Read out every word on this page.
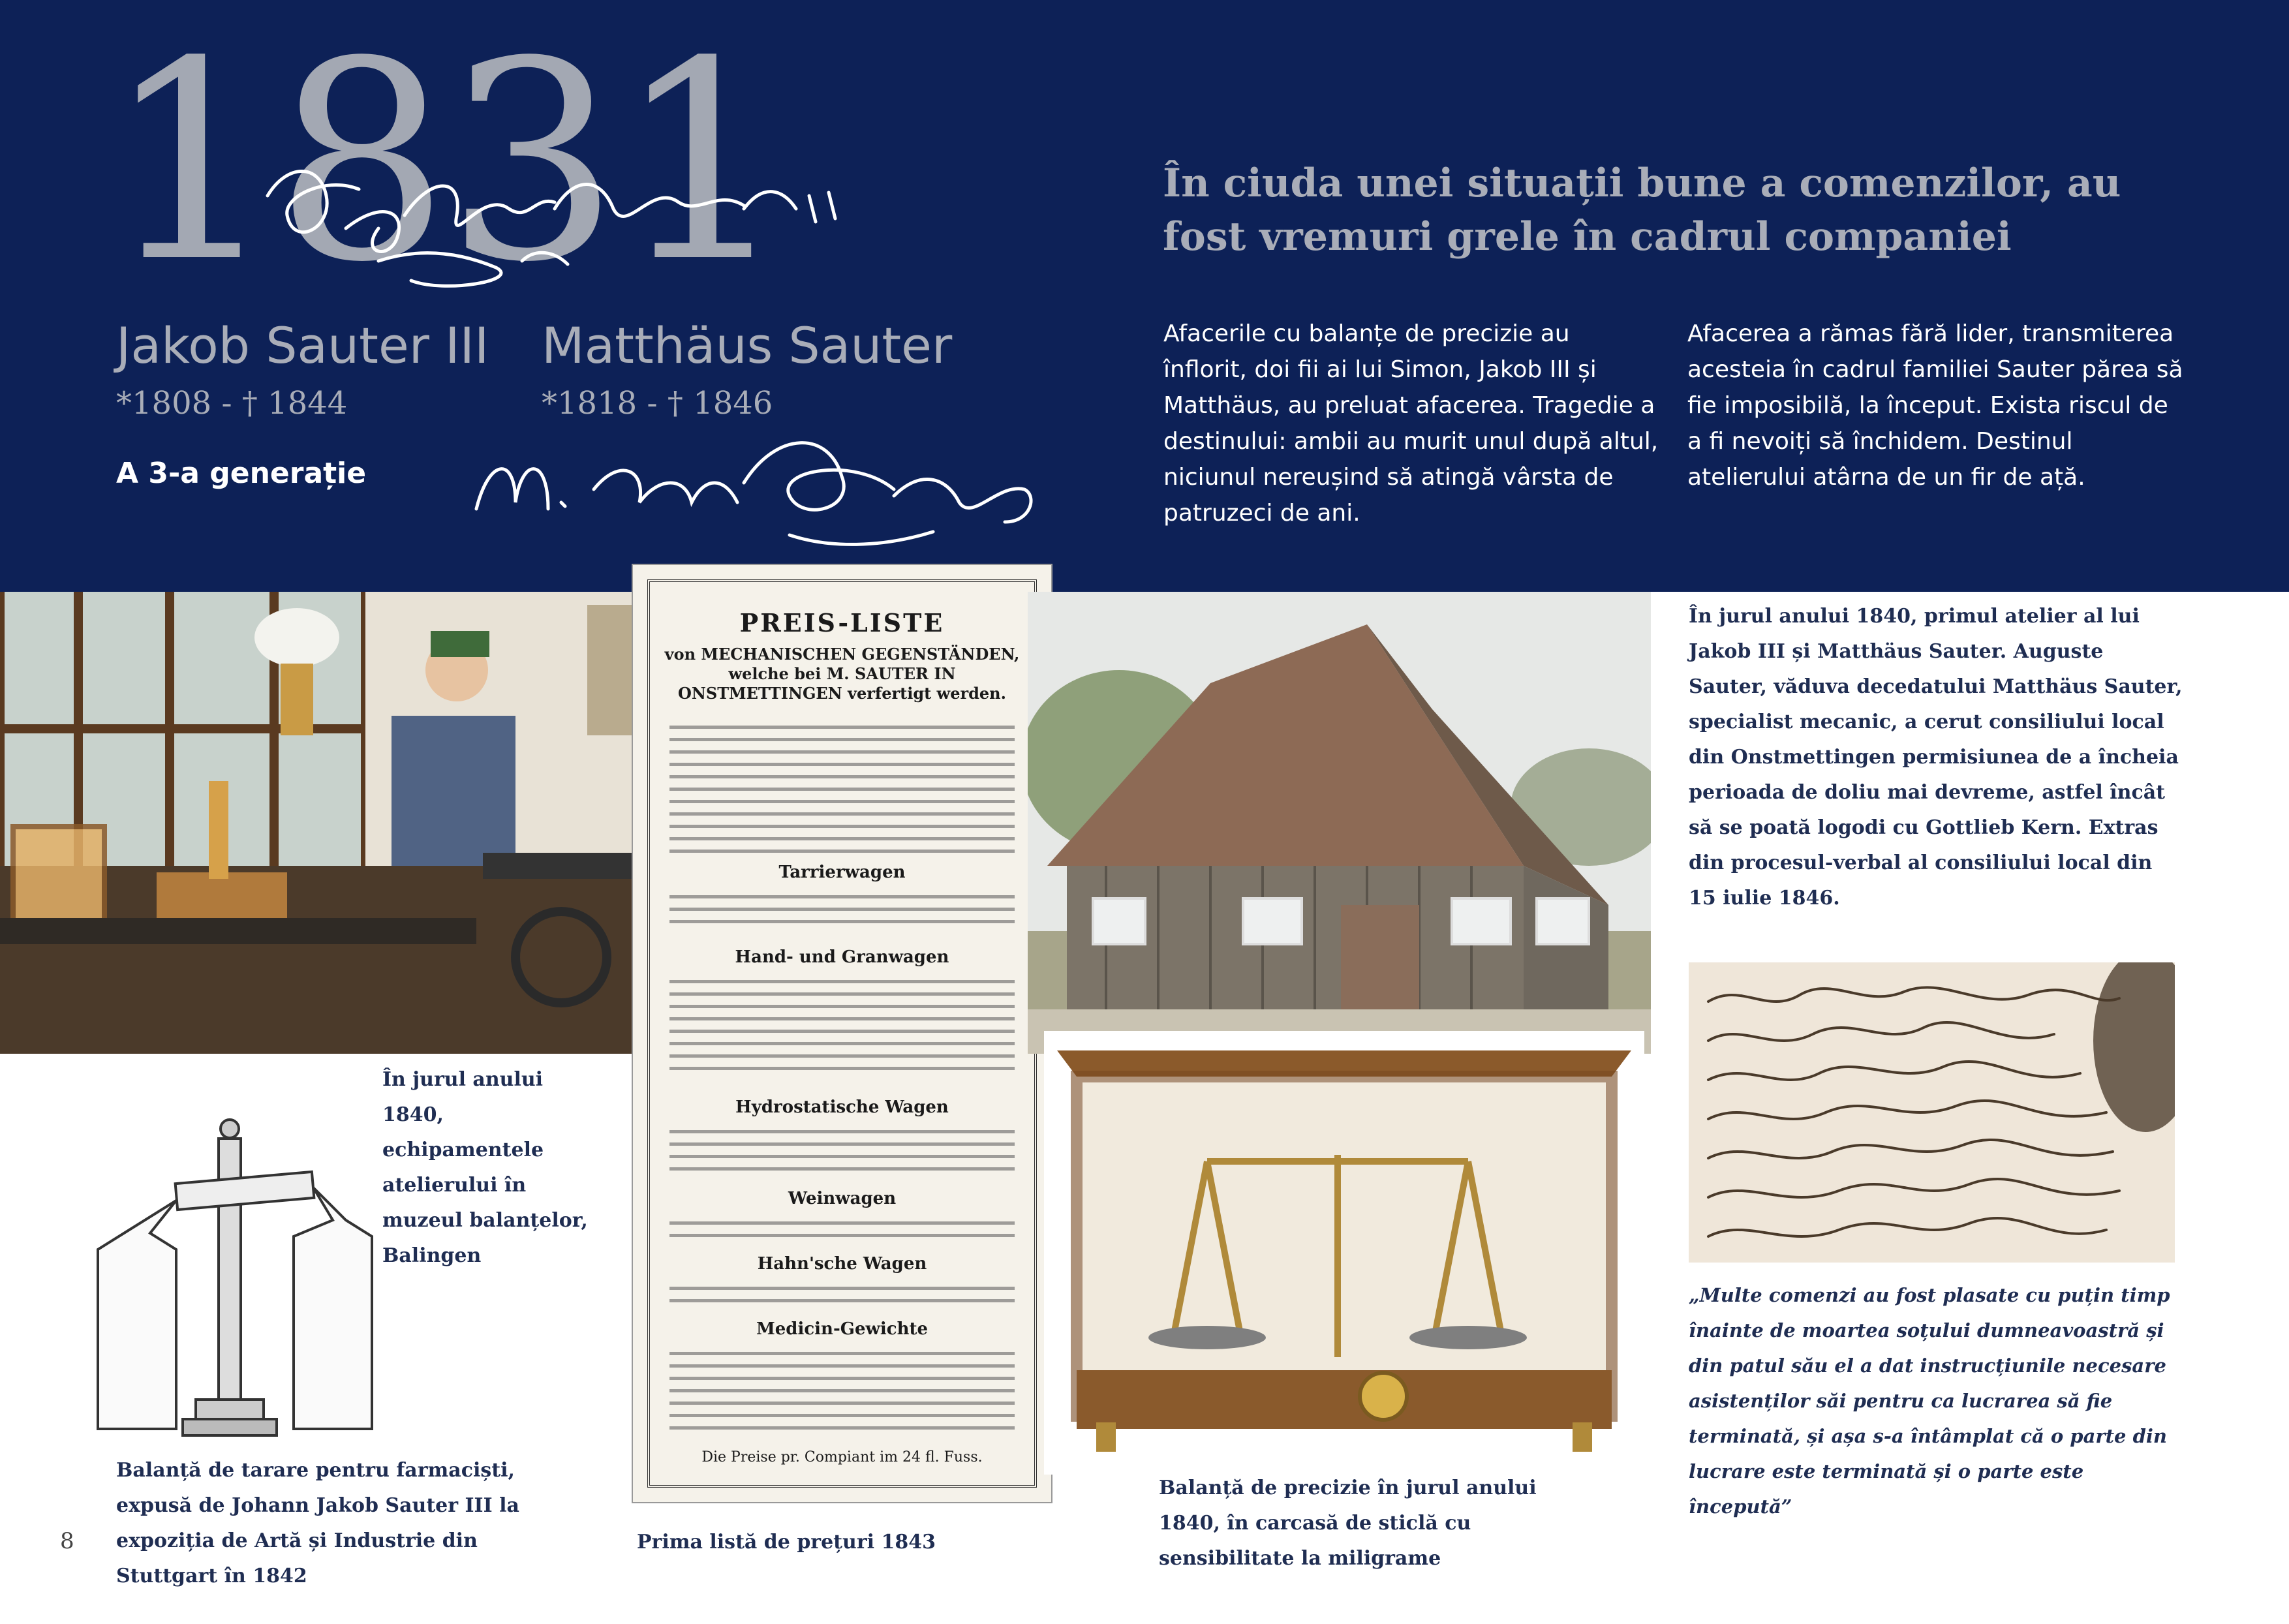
1831
Jakob Sauter III
*1808 - † 1844
Matthäus Sauter
*1818 - † 1846
A 3-a generație
În ciuda unei situații bune a comenzilor, au fost vremuri grele în cadrul companiei
Afacerile cu balanțe de precizie au înflorit, doi fii ai lui Simon, Jakob III și Matthäus, au preluat afacerea. Tragedie a destinului: ambii au murit unul după altul, niciunul nereușind să atingă vârsta de patruzeci de ani.
Afacerea a rămas fără lider, transmiterea acesteia în cadrul familiei Sauter părea să fie imposibilă, la început. Exista riscul de a fi nevoiți să închidem. Destinul atelierului atârna de un fir de ață.
PREIS-LISTE
von MECHANISCHEN GEGENSTÄNDEN, welche bei M. SAUTER IN ONSTMETTINGEN verfertigt werden.
Tarrierwagen
Hand- und Granwagen
Hydrostatische Wagen
Weinwagen
Hahn'sche Wagen
Medicin-Gewichte
Die Preise pr. Compiant im 24 fl. Fuss.
În jurul anului 1840, echipamentele atelierului în muzeul balanțelor, Balingen
Balanță de tarare pentru farmaciști, expusă de Johann Jakob Sauter III la expoziția de Artă și Industrie din Stuttgart în 1842
Prima listă de prețuri 1843
Balanță de precizie în jurul anului 1840, în carcasă de sticlă cu sensibilitate la miligrame
În jurul anului 1840, primul atelier al lui Jakob III și Matthäus Sauter. Auguste Sauter, văduva decedatului Matthäus Sauter, specialist mecanic, a cerut consiliului local din Onstmettingen permisiunea de a încheia perioada de doliu mai devreme, astfel încât să se poată logodi cu Gottlieb Kern. Extras din procesul-verbal al consiliului local din 15 iulie 1846.
„Multe comenzi au fost plasate cu puțin timp înainte de moartea soțului dumneavoastră și din patul său el a dat instrucțiunile necesare asistenților săi pentru ca lucrarea să fie terminată, și așa s-a întâmplat că o parte din lucrare este terminată și o parte este începută”
8
